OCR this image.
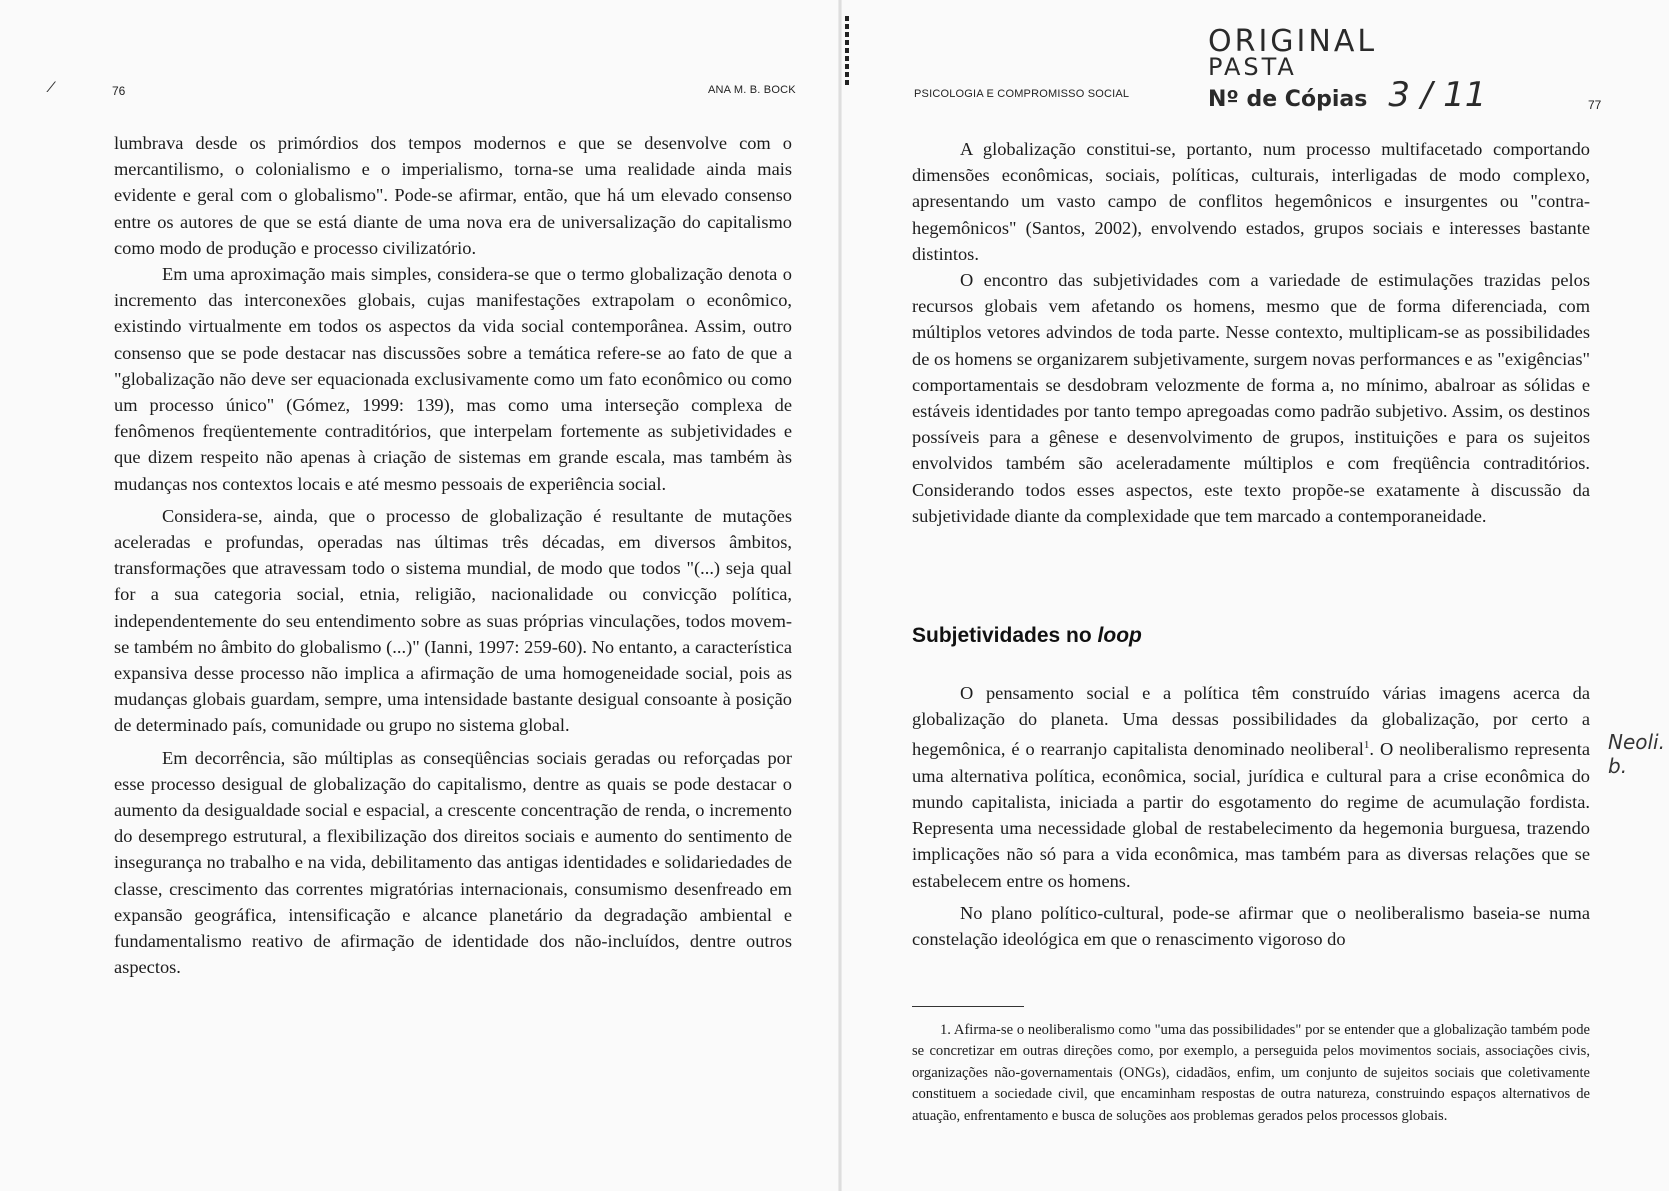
⁄	76	ANA M. B. BOCK

lumbrava desde os primórdios dos tempos modernos e que se desenvolve com o mercantilismo, o colonialismo e o imperialismo, torna-se uma realidade ainda mais evidente e geral com o globalismo". Pode-se afirmar, então, que há um elevado consenso entre os autores de que se está diante de uma nova era de universalização do capitalismo como modo de produção e processo civilizatório.

Em uma aproximação mais simples, considera-se que o termo globalização denota o incremento das interconexões globais, cujas manifestações extrapolam o econômico, existindo virtualmente em todos os aspectos da vida social contemporânea. Assim, outro consenso que se pode destacar nas discussões sobre a temática refere-se ao fato de que a "globalização não deve ser equacionada exclusivamente como um fato econômico ou como um processo único" (Gómez, 1999: 139), mas como uma interseção complexa de fenômenos freqüentemente contraditórios, que interpelam fortemente as subjetividades e que dizem respeito não apenas à criação de sistemas em grande escala, mas também às mudanças nos contextos locais e até mesmo pessoais de experiência social.

Considera-se, ainda, que o processo de globalização é resultante de mutações aceleradas e profundas, operadas nas últimas três décadas, em diversos âmbitos, transformações que atravessam todo o sistema mundial, de modo que todos "(...) seja qual for a sua categoria social, etnia, religião, nacionalidade ou convicção política, independentemente do seu entendimento sobre as suas próprias vinculações, todos movem-se também no âmbito do globalismo (...)" (Ianni, 1997: 259-60). No entanto, a característica expansiva desse processo não implica a afirmação de uma homogeneidade social, pois as mudanças globais guardam, sempre, uma intensidade bastante desigual consoante à posição de determinado país, comunidade ou grupo no sistema global.

Em decorrência, são múltiplas as conseqüências sociais geradas ou reforçadas por esse processo desigual de globalização do capitalismo, dentre as quais se pode destacar o aumento da desigualdade social e espacial, a crescente concentração de renda, o incremento do desemprego estrutural, a flexibilização dos direitos sociais e aumento do sentimento de insegurança no trabalho e na vida, debilitamento das antigas identidades e solidariedades de classe, crescimento das correntes migratórias internacionais, consumismo desenfreado em expansão geográfica, intensificação e alcance planetário da degradação ambiental e fundamentalismo reativo de afirmação de identidade dos não-incluídos, dentre outros aspectos.

PSICOLOGIA E COMPROMISSO SOCIAL
77
ORIGINAL
PASTA
Nº de Cópias 3 / 11

A globalização constitui-se, portanto, num processo multifacetado comportando dimensões econômicas, sociais, políticas, culturais, interligadas de modo complexo, apresentando um vasto campo de conflitos hegemônicos e insurgentes ou "contra-hegemônicos" (Santos, 2002), envolvendo estados, grupos sociais e interesses bastante distintos.

O encontro das subjetividades com a variedade de estimulações trazidas pelos recursos globais vem afetando os homens, mesmo que de forma diferenciada, com múltiplos vetores advindos de toda parte. Nesse contexto, multiplicam-se as possibilidades de os homens se organizarem subjetivamente, surgem novas performances e as "exigências" comportamentais se desdobram velozmente de forma a, no mínimo, abalroar as sólidas e estáveis identidades por tanto tempo apregoadas como padrão subjetivo. Assim, os destinos possíveis para a gênese e desenvolvimento de grupos, instituições e para os sujeitos envolvidos também são aceleradamente múltiplos e com freqüência contraditórios. Considerando todos esses aspectos, este texto propõe-se exatamente à discussão da subjetividade diante da complexidade que tem marcado a contemporaneidade.

Subjetividades no loop

O pensamento social e a política têm construído várias imagens acerca da globalização do planeta. Uma dessas possibilidades da globalização, por certo a hegemônica, é o rearranjo capitalista denominado neoliberal$^1$. O neoliberalismo representa uma alternativa política, econômica, social, jurídica e cultural para a crise econômica do mundo capitalista, iniciada a partir do esgotamento do regime de acumulação fordista. Representa uma necessidade global de restabelecimento da hegemonia burguesa, trazendo implicações não só para a vida econômica, mas também para as diversas relações que se estabelecem entre os homens.

No plano político-cultural, pode-se afirmar que o neoliberalismo baseia-se numa constelação ideológica em que o renascimento vigoroso do

Neoli. b.

1. Afirma-se o neoliberalismo como "uma das possibilidades" por se entender que a globalização também pode se concretizar em outras direções como, por exemplo, a perseguida pelos movimentos sociais, associações civis, organizações não-governamentais (ONGs), cidadãos, enfim, um conjunto de sujeitos sociais que coletivamente constituem a sociedade civil, que encaminham respostas de outra natureza, construindo espaços alternativos de atuação, enfrentamento e busca de soluções aos problemas gerados pelos processos globais.
